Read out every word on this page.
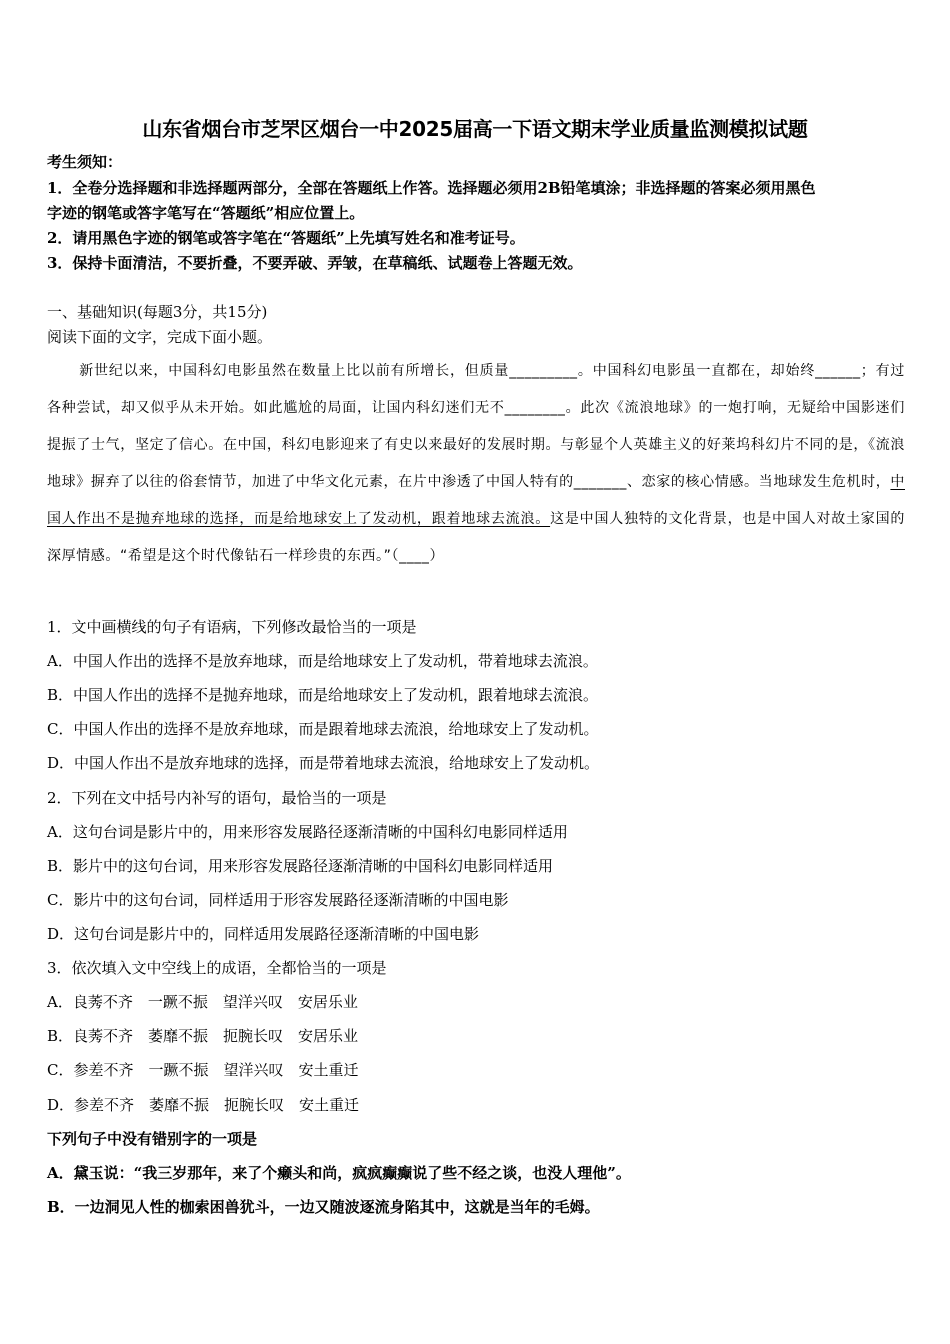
山东省烟台市芝罘区烟台一中2025届高一下语文期末学业质量监测模拟试题
考生须知：
1．全卷分选择题和非选择题两部分，全部在答题纸上作答。选择题必须用2B铅笔填涂；非选择题的答案必须用黑色
字迹的钢笔或答字笔写在“答题纸”相应位置上。
2．请用黑色字迹的钢笔或答字笔在“答题纸”上先填写姓名和准考证号。
3．保持卡面清洁，不要折叠，不要弄破、弄皱，在草稿纸、试题卷上答题无效。
一、基础知识(每题3分，共15分)
阅读下面的文字，完成下面小题。
新世纪以来，中国科幻电影虽然在数量上比以前有所增长，但质量_________。中国科幻电影虽一直都在，却始终______；有过各种尝试，却又似乎从未开始。如此尴尬的局面，让国内科幻迷们无不________。此次《流浪地球》的一炮打响，无疑给中国影迷们提振了士气，坚定了信心。在中国，科幻电影迎来了有史以来最好的发展时期。与彰显个人英雄主义的好莱坞科幻片不同的是，《流浪地球》摒弃了以往的俗套情节，加进了中华文化元素，在片中渗透了中国人特有的_______、恋家的核心情感。当地球发生危机时，中国人作出不是抛弃地球的选择，而是给地球安上了发动机，跟着地球去流浪。这是中国人独特的文化背景，也是中国人对故土家国的深厚情感。“希望是这个时代像钻石一样珍贵的东西。”（____）
1．文中画横线的句子有语病，下列修改最恰当的一项是
A．中国人作出的选择不是放弃地球，而是给地球安上了发动机，带着地球去流浪。
B．中国人作出的选择不是抛弃地球，而是给地球安上了发动机，跟着地球去流浪。
C．中国人作出的选择不是放弃地球，而是跟着地球去流浪，给地球安上了发动机。
D．中国人作出不是放弃地球的选择，而是带着地球去流浪，给地球安上了发动机。
2．下列在文中括号内补写的语句，最恰当的一项是
A．这句台词是影片中的，用来形容发展路径逐渐清晰的中国科幻电影同样适用
B．影片中的这句台词，用来形容发展路径逐渐清晰的中国科幻电影同样适用
C．影片中的这句台词，同样适用于形容发展路径逐渐清晰的中国电影
D．这句台词是影片中的，同样适用发展路径逐渐清晰的中国电影
3．依次填入文中空线上的成语，全都恰当的一项是
A．良莠不齐　一蹶不振　望洋兴叹　安居乐业
B．良莠不齐　萎靡不振　扼腕长叹　安居乐业
C．参差不齐　一蹶不振　望洋兴叹　安土重迁
D．参差不齐　萎靡不振　扼腕长叹　安土重迁
下列句子中没有错别字的一项是
A．黛玉说：“我三岁那年，来了个癞头和尚，疯疯癫癫说了些不经之谈，也没人理他”。
B．一边洞见人性的枷索困兽犹斗，一边又随波逐流身陷其中，这就是当年的毛姆。
